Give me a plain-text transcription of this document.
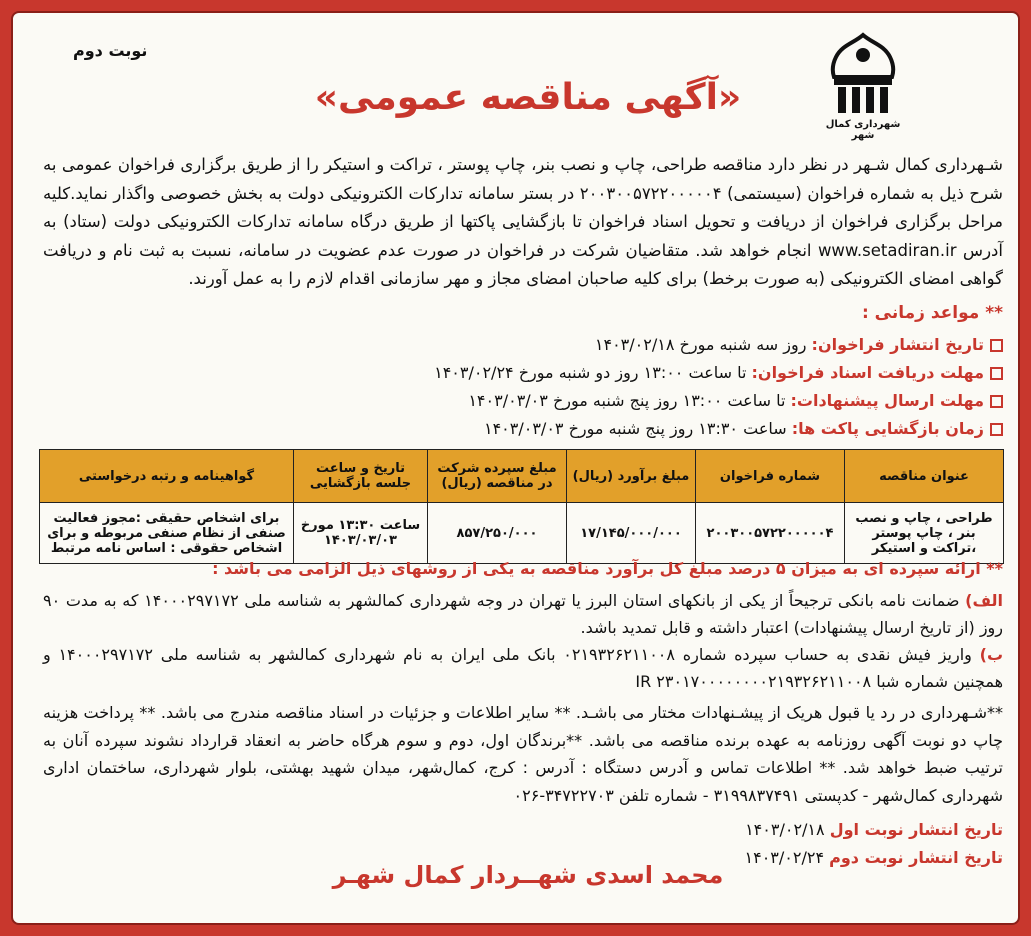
شهرداری کمال شهر
نوبت دوم
«آگهی مناقصه عمومی»
شـهرداری کمال شـهر در نظر دارد مناقصه طراحی، چاپ و نصب بنر، چاپ پوستر ، تراکت و استیکر را از طریق برگزاری فراخوان عمومی به شرح ذیل به شماره فراخوان (سیستمی) ۲۰۰۳۰۰۵۷۲۲۰۰۰۰۰۴ در بستر سامانه تدارکات الکترونیکی دولت به بخش خصوصی واگذار نماید.کلیه مراحل برگزاری فراخوان از دریافت و تحویل اسناد فراخوان تا بازگشایی پاکتها از طریق درگاه سامانه تدارکات الکترونیکی دولت (ستاد) به آدرس www.setadiran.ir انجام خواهد شد. متقاضیان شرکت در فراخوان در صورت عدم عضویت در سامانه، نسبت به ثبت نام و دریافت گواهی امضای الکترونیکی (به صورت برخط) برای کلیه صاحبان امضای مجاز و مهر سازمانی اقدام لازم را به عمل آورند.
** مواعد زمانی :
تاریخ انتشار فراخوان: روز سه شنبه مورخ ۱۴۰۳/۰۲/۱۸
مهلت دریافت اسناد فراخوان: تا ساعت ۱۳:۰۰ روز دو شنبه مورخ ۱۴۰۳/۰۲/۲۴
مهلت ارسال پیشنهادات: تا ساعت ۱۳:۰۰ روز پنج شنبه مورخ ۱۴۰۳/۰۳/۰۳
زمان بازگشایی پاکت ها: ساعت ۱۳:۳۰ روز پنج شنبه مورخ ۱۴۰۳/۰۳/۰۳
عنوان مناقصه	شماره فراخوان	مبلغ برآورد (ریال)	مبلغ سپرده شرکت در مناقصه (ریال)	تاریخ و ساعت جلسه بازگشایی	گواهینامه و رتبه درخواستی
طراحی ، چاپ و نصب بنر ، چاپ پوستر ،تراکت و استیکر	۲۰۰۳۰۰۵۷۲۲۰۰۰۰۰۴	۱۷/۱۴۵/۰۰۰/۰۰۰	۸۵۷/۲۵۰/۰۰۰	ساعت ۱۳:۳۰ مورخ ۱۴۰۳/۰۳/۰۳	برای اشخاص حقیقی :مجوز فعالیت صنفی از نظام صنفی مربوطه و برای اشخاص حقوقی : اساس نامه مرتبط
** ارائه سپرده ای به میزان ۵ درصد مبلغ کل برآورد مناقصه به یکی از روشهای ذیل الزامی می باشد :
الف) ضمانت نامه بانکی ترجیحاً از یکی از بانکهای استان البرز یا تهران در وجه شهرداری کمالشهر به شناسه ملی ۱۴۰۰۰۲۹۷۱۷۲ که به مدت ۹۰ روز (از تاریخ ارسال پیشنهادات) اعتبار داشته و قابل تمدید باشد.
ب) واریز فیش نقدی به حساب سپرده شماره ۰۲۱۹۳۲۶۲۱۱۰۰۸ بانک ملی ایران به نام شهرداری کمالشهر به شناسه ملی ۱۴۰۰۰۲۹۷۱۷۲ و همچنین شماره شبا IR ۲۳۰۱۷۰۰۰۰۰۰۰۰۲۱۹۳۲۶۲۱۱۰۰۸
**شـهرداری در رد یا قبول هریک از پیشـنهادات مختار می باشـد. ** سایر اطلاعات و جزئیات در اسناد مناقصه مندرج می باشد. ** پرداخت هزینه چاپ دو نوبت آگهی روزنامه به عهده برنده مناقصه می باشد. **برندگان اول، دوم و سوم هرگاه حاضر به انعقاد قرارداد نشوند سپرده آنان به ترتیب ضبط خواهد شد. ** اطلاعات تماس و آدرس دستگاه : آدرس : کرج، کمال‌شهر، میدان شهید بهشتی، بلوار شهرداری، ساختمان اداری شهرداری کمال‌شهر - کدپستی ۳۱۹۹۸۳۷۴۹۱ - شماره تلفن ۳۴۷۲۲۷۰۳-۰۲۶
تاریخ انتشار نوبت اول ۱۴۰۳/۰۲/۱۸
تاریخ انتشار نوبت دوم ۱۴۰۳/۰۲/۲۴
محمد اسدی شهــردار کمال شهـر
